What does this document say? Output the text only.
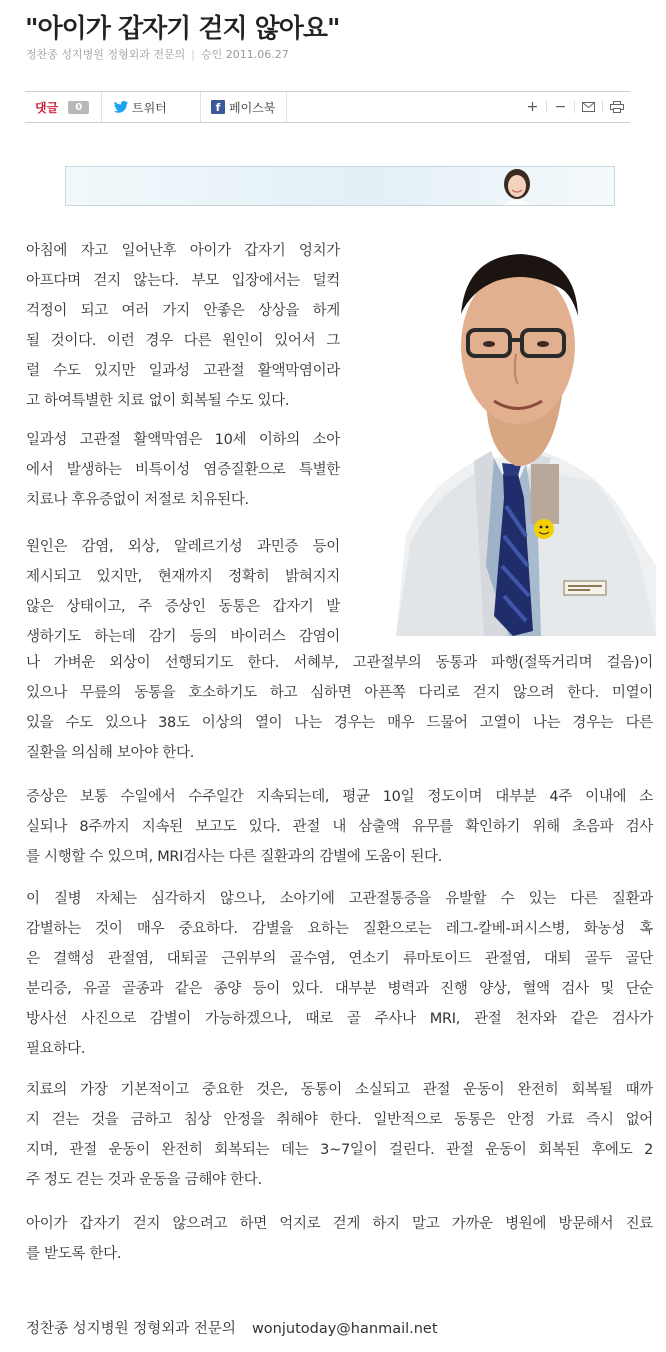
"아이가 갑자기 걷지 않아요"
정찬종 성지병원 정형외과 전문의 | 승인 2011.06.27
댓글	0	트위터	f 페이스북	+ −
아침에 자고 일어난후 아이가 갑자기 엉치가
아프다며 걷지 않는다. 부모 입장에서는 덜컥
걱정이 되고 여러 가지 안좋은 상상을 하게
될 것이다. 이런 경우 다른 원인이 있어서 그
럴 수도 있지만 일과성 고관절 활액막염이라
고 하여특별한 치료 없이 회복될 수도 있다.
일과성 고관절 활액막염은 10세 이하의 소아
에서 발생하는 비특이성 염증질환으로 특별한
치료나 후유증없이 저절로 치유된다.
원인은 감염, 외상, 알레르기성 과민증 등이
제시되고 있지만, 현재까지 정확히 밝혀지지
않은 상태이고, 주 증상인 동통은 갑자기 발
생하기도 하는데 감기 등의 바이러스 감염이
나 가벼운 외상이 선행되기도 한다. 서혜부, 고관절부의 동통과 파행(절뚝거리며 걸음)이
있으나 무릎의 동통을 호소하기도 하고 심하면 아픈쪽 다리로 걷지 않으려 한다. 미열이
있을 수도 있으나 38도 이상의 열이 나는 경우는 매우 드물어 고열이 나는 경우는 다른
질환을 의심해 보아야 한다.
증상은 보통 수일에서 수주일간 지속되는데, 평균 10일 정도이며 대부분 4주 이내에 소
실되나 8주까지 지속된 보고도 있다. 관절 내 삼출액 유무를 확인하기 위해 초음파 검사
를 시행할 수 있으며, MRI검사는 다른 질환과의 감별에 도움이 된다.
이 질병 자체는 심각하지 않으나, 소아기에 고관절통증을 유발할 수 있는 다른 질환과
감별하는 것이 매우 중요하다. 감별을 요하는 질환으로는 레그-칼베-퍼시스병, 화농성 혹
은 결핵성 관절염, 대퇴골 근위부의 골수염, 연소기 류마토이드 관절염, 대퇴 골두 골단
분리증, 유골 골종과 같은 종양 등이 있다. 대부분 병력과 진행 양상, 혈액 검사 및 단순
방사선 사진으로 감별이 가능하겠으나, 때로 골 주사나 MRI, 관절 천자와 같은 검사가
필요하다.
치료의 가장 기본적이고 중요한 것은, 동통이 소실되고 관절 운동이 완전히 회복될 때까
지 걷는 것을 금하고 침상 안정을 취해야 한다. 일반적으로 동통은 안정 가료 즉시 없어
지며, 관절 운동이 완전히 회복되는 데는 3~7일이 걸린다. 관절 운동이 회복된 후에도 2
주 정도 걷는 것과 운동을 금해야 한다.
아이가 갑자기 걷지 않으려고 하면 억지로 걷게 하지 말고 가까운 병원에 방문해서 진료
를 받도록 한다.
정찬종 성지병원 정형외과 전문의 wonjutoday@hanmail.net
